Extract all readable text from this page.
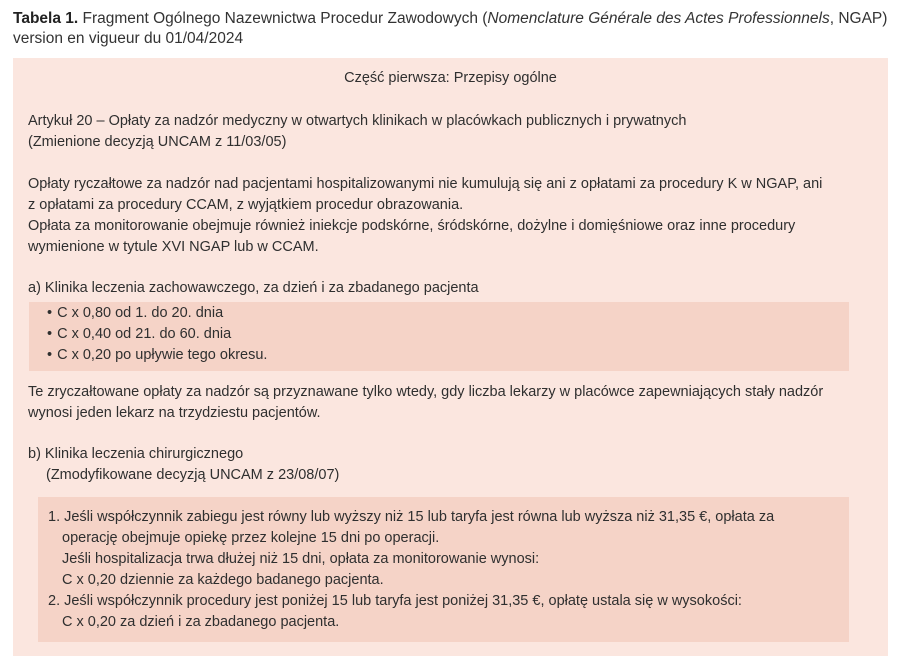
Tabela 1. Fragment Ogólnego Nazewnictwa Procedur Zawodowych (Nomenclature Générale des Actes Professionnels, NGAP) version en vigueur du 01/04/2024
Część pierwsza: Przepisy ogólne
Artykuł 20 – Opłaty za nadzór medyczny w otwartych klinikach w placówkach publicznych i prywatnych
(Zmienione decyzją UNCAM z 11/03/05)
Opłaty ryczałtowe za nadzór nad pacjentami hospitalizowanymi nie kumulują się ani z opłatami za procedury K w NGAP, ani
z opłatami za procedury CCAM, z wyjątkiem procedur obrazowania.
Opłata za monitorowanie obejmuje również iniekcje podskórne, śródskórne, dożylne i domięśniowe oraz inne procedury
wymienione w tytule XVI NGAP lub w CCAM.
a) Klinika leczenia zachowawczego, za dzień i za zbadanego pacjenta
• C x 0,80 od 1. do 20. dnia
• C x 0,40 od 21. do 60. dnia
• C x 0,20 po upływie tego okresu.
Te zryczałtowane opłaty za nadzór są przyznawane tylko wtedy, gdy liczba lekarzy w placówce zapewniających stały nadzór
wynosi jeden lekarz na trzydziestu pacjentów.
b) Klinika leczenia chirurgicznego
(Zmodyfikowane decyzją UNCAM z 23/08/07)
1. Jeśli współczynnik zabiegu jest równy lub wyższy niż 15 lub taryfa jest równa lub wyższa niż 31,35 €, opłata za
operację obejmuje opiekę przez kolejne 15 dni po operacji.
Jeśli hospitalizacja trwa dłużej niż 15 dni, opłata za monitorowanie wynosi:
C x 0,20 dziennie za każdego badanego pacjenta.
2. Jeśli współczynnik procedury jest poniżej 15 lub taryfa jest poniżej 31,35 €, opłatę ustala się w wysokości:
C x 0,20 za dzień i za zbadanego pacjenta.
